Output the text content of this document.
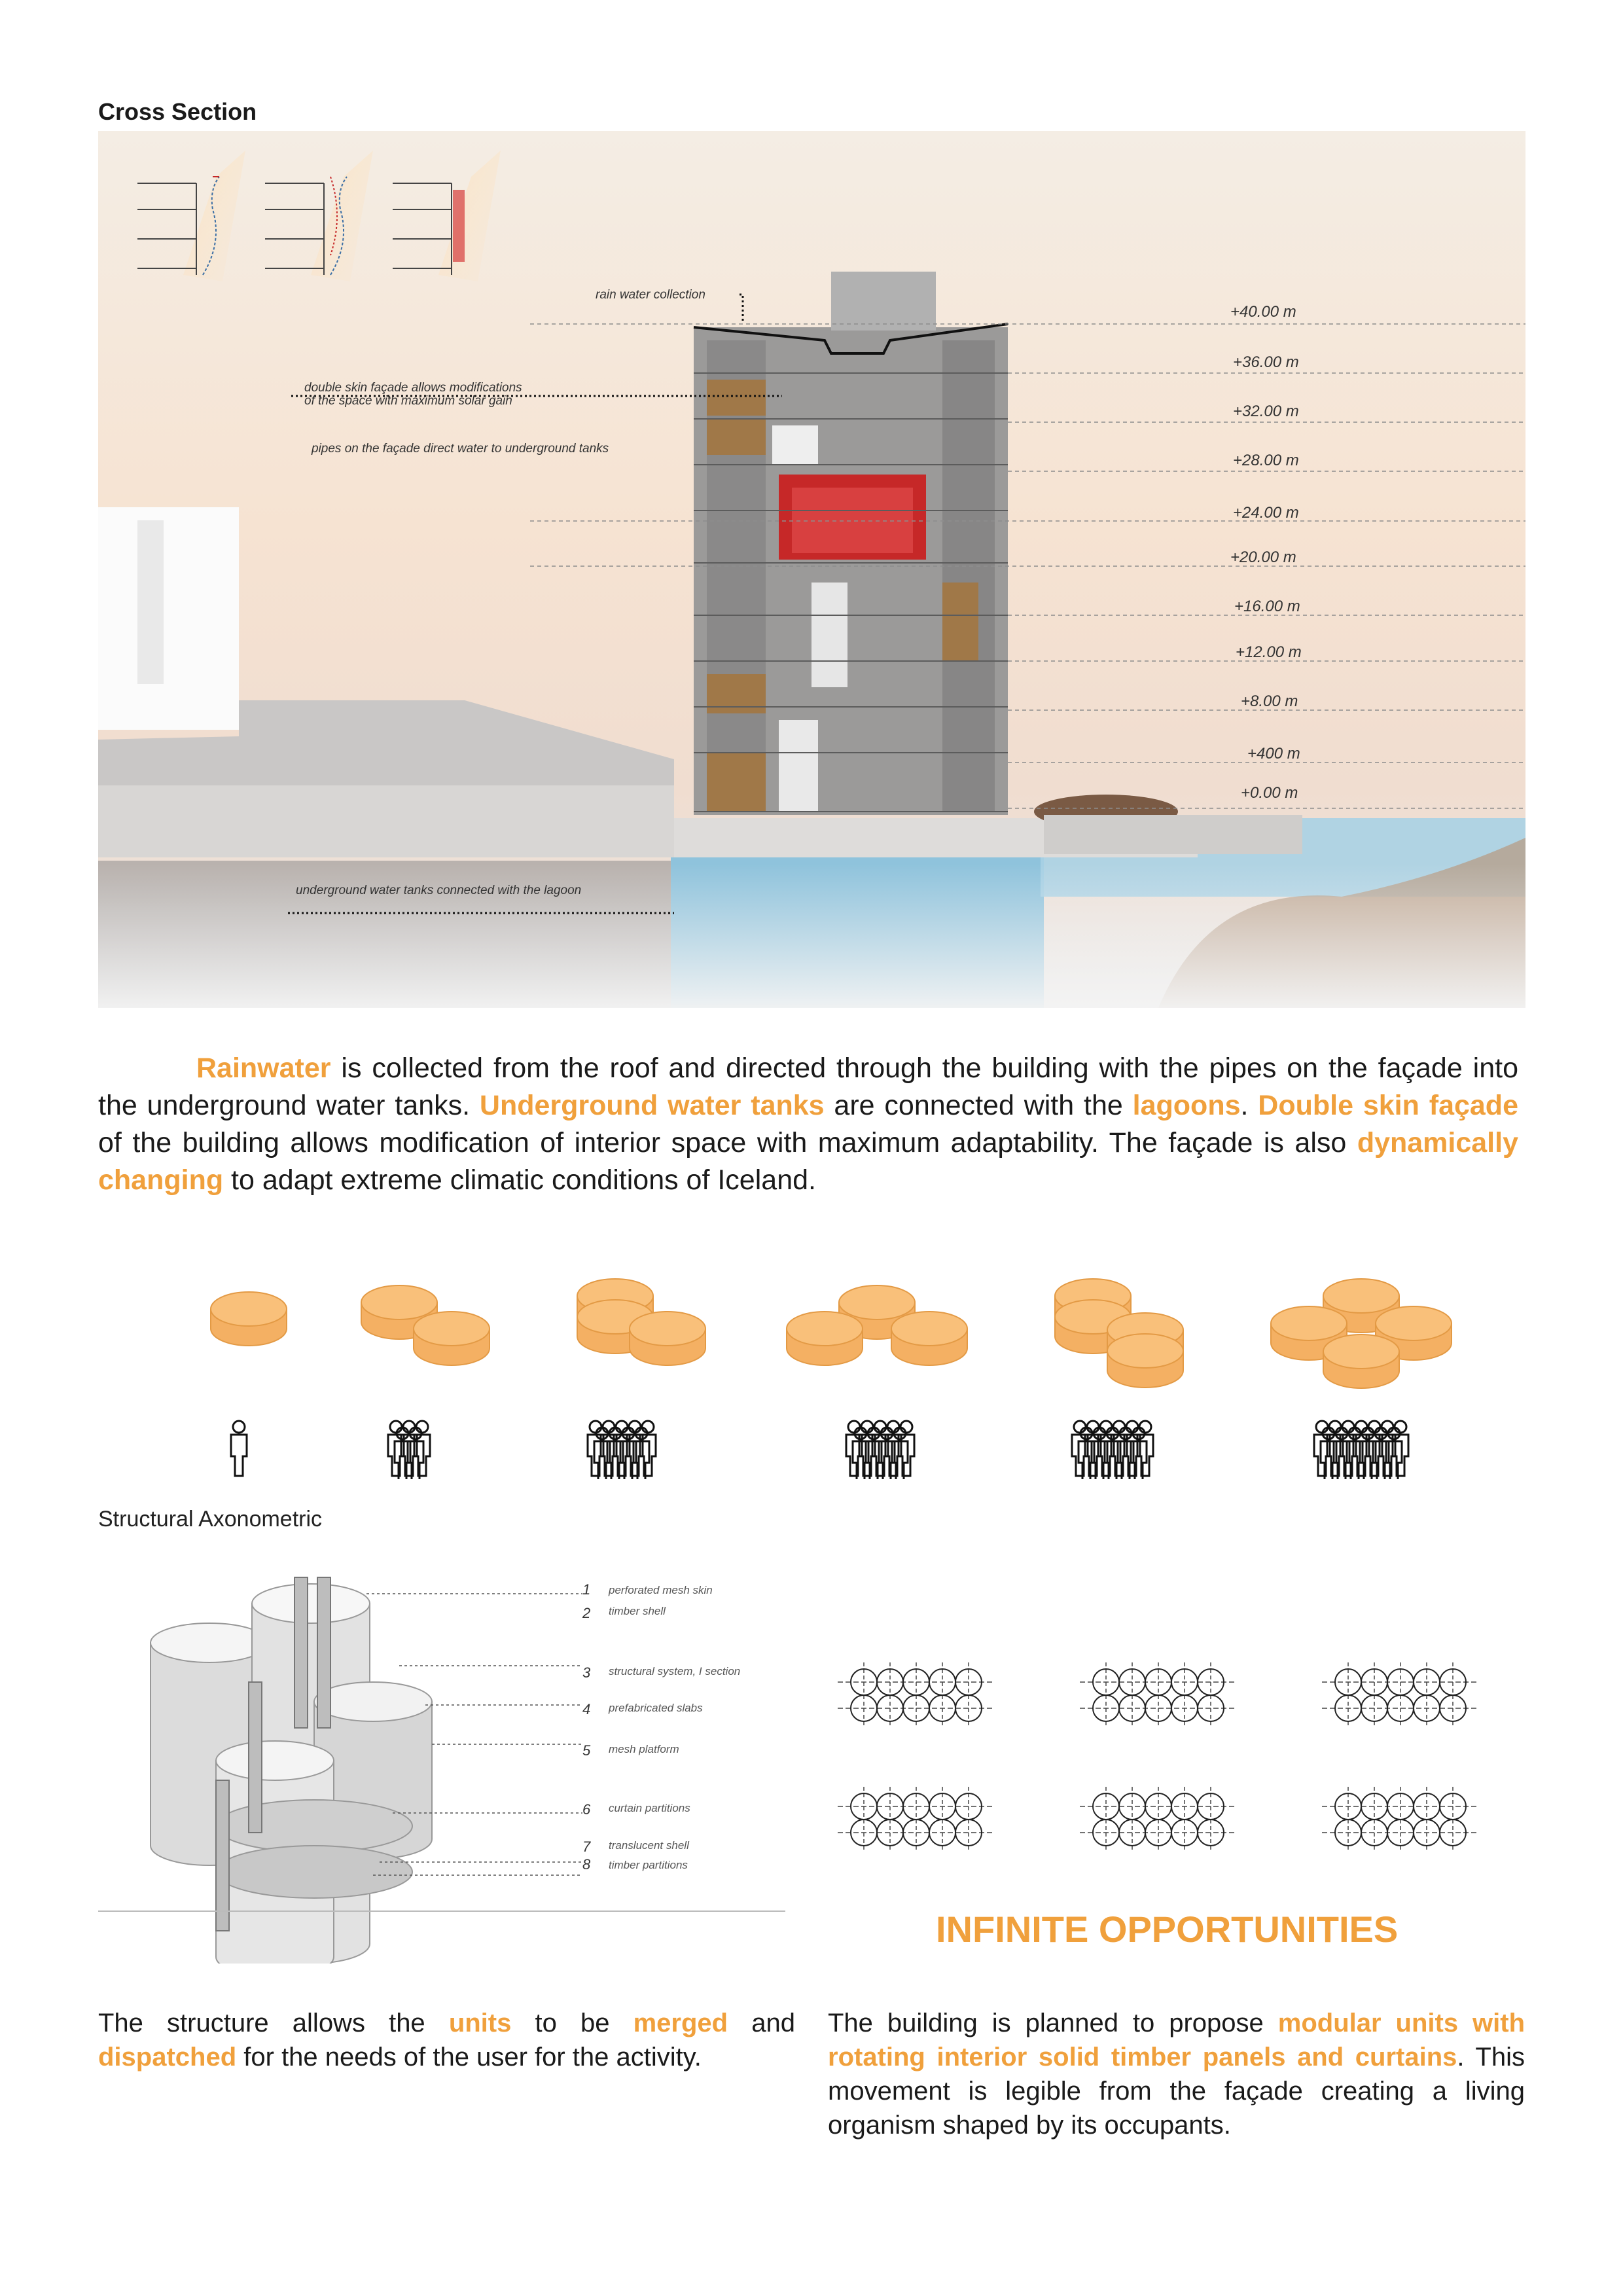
Cross Section
rain water collection
double skin façade allows modifications
of the space with maximum solar gain
pipes on the façade direct water to underground tanks
underground water tanks connected with the lagoon
+40.00 m
+36.00 m
+32.00 m
+28.00 m
+24.00 m
+20.00 m
+16.00 m
+12.00 m
+8.00 m
+400 m
+0.00 m
Rainwater is collected from the roof and directed through the building with the pipes on the façade into the underground water tanks. Underground water tanks are connected with the lagoons. Double skin façade of the building allows modification of interior space with maximum adaptability. The façade is also dynamically changing to adapt extreme climatic conditions of Iceland.
Structural Axonometric
1 perforated mesh skin
2 timber shell
3 structural system, I section
4 prefabricated slabs
5 mesh platform
6 curtain partitions
7 translucent shell
8 timber partitions
INFINITE OPPORTUNITIES
The structure allows the units to be merged and dispatched for the needs of the user for the activity.
The building is planned to propose modular units with rotating interior solid timber panels and curtains. This movement is legible from the façade creating a living organism shaped by its occupants.
